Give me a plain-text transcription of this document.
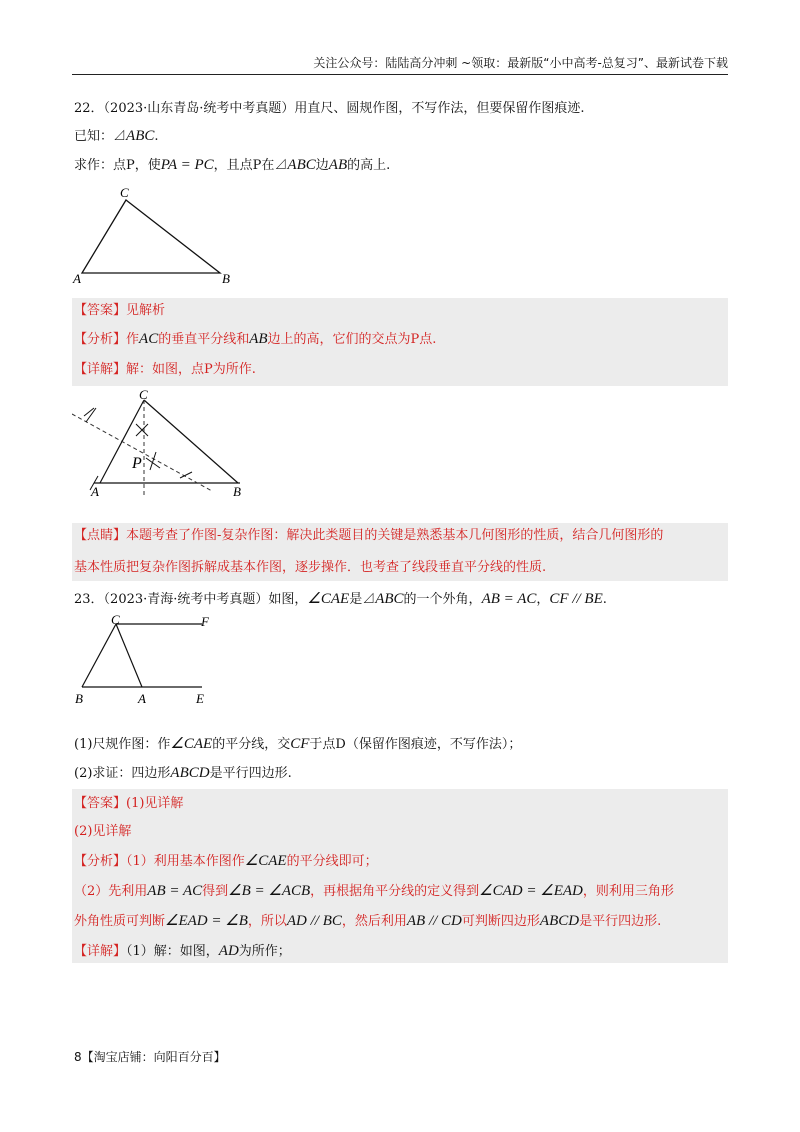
关注公众号：陆陆高分冲刺 ~领取：最新版“小中高考-总复习”、最新试卷下载
22．（2023·山东青岛·统考中考真题）用直尺、圆规作图，不写作法，但要保留作图痕迹.
已知：⊿ABC.
求作：点P，使PA = PC，且点P在⊿ABC边AB的高上.
C
A	B
【答案】见解析
【分析】作AC的垂直平分线和AB边上的高，它们的交点为P点.
【详解】解：如图，点P为所作.
C
P
A	B
【点睛】本题考查了作图-复杂作图：解决此类题目的关键是熟悉基本几何图形的性质，结合几何图形的
基本性质把复杂作图拆解成基本作图，逐步操作．也考查了线段垂直平分线的性质.
23．（2023·青海·统考中考真题）如图，∠CAE是⊿ABC的一个外角，AB = AC，CF // BE.
C	F
B	A	E
(1)尺规作图：作∠CAE的平分线，交CF于点D（保留作图痕迹，不写作法）；
(2)求证：四边形ABCD是平行四边形.
【答案】(1)见详解
(2)见详解
【分析】（1）利用基本作图作∠CAE的平分线即可；
（2）先利用AB = AC得到∠B = ∠ACB，再根据角平分线的定义得到∠CAD = ∠EAD，则利用三角形
外角性质可判断∠EAD = ∠B，所以AD // BC，然后利用AB // CD可判断四边形ABCD是平行四边形.
【详解】（1）解：如图，AD为所作；
8【淘宝店铺：向阳百分百】
